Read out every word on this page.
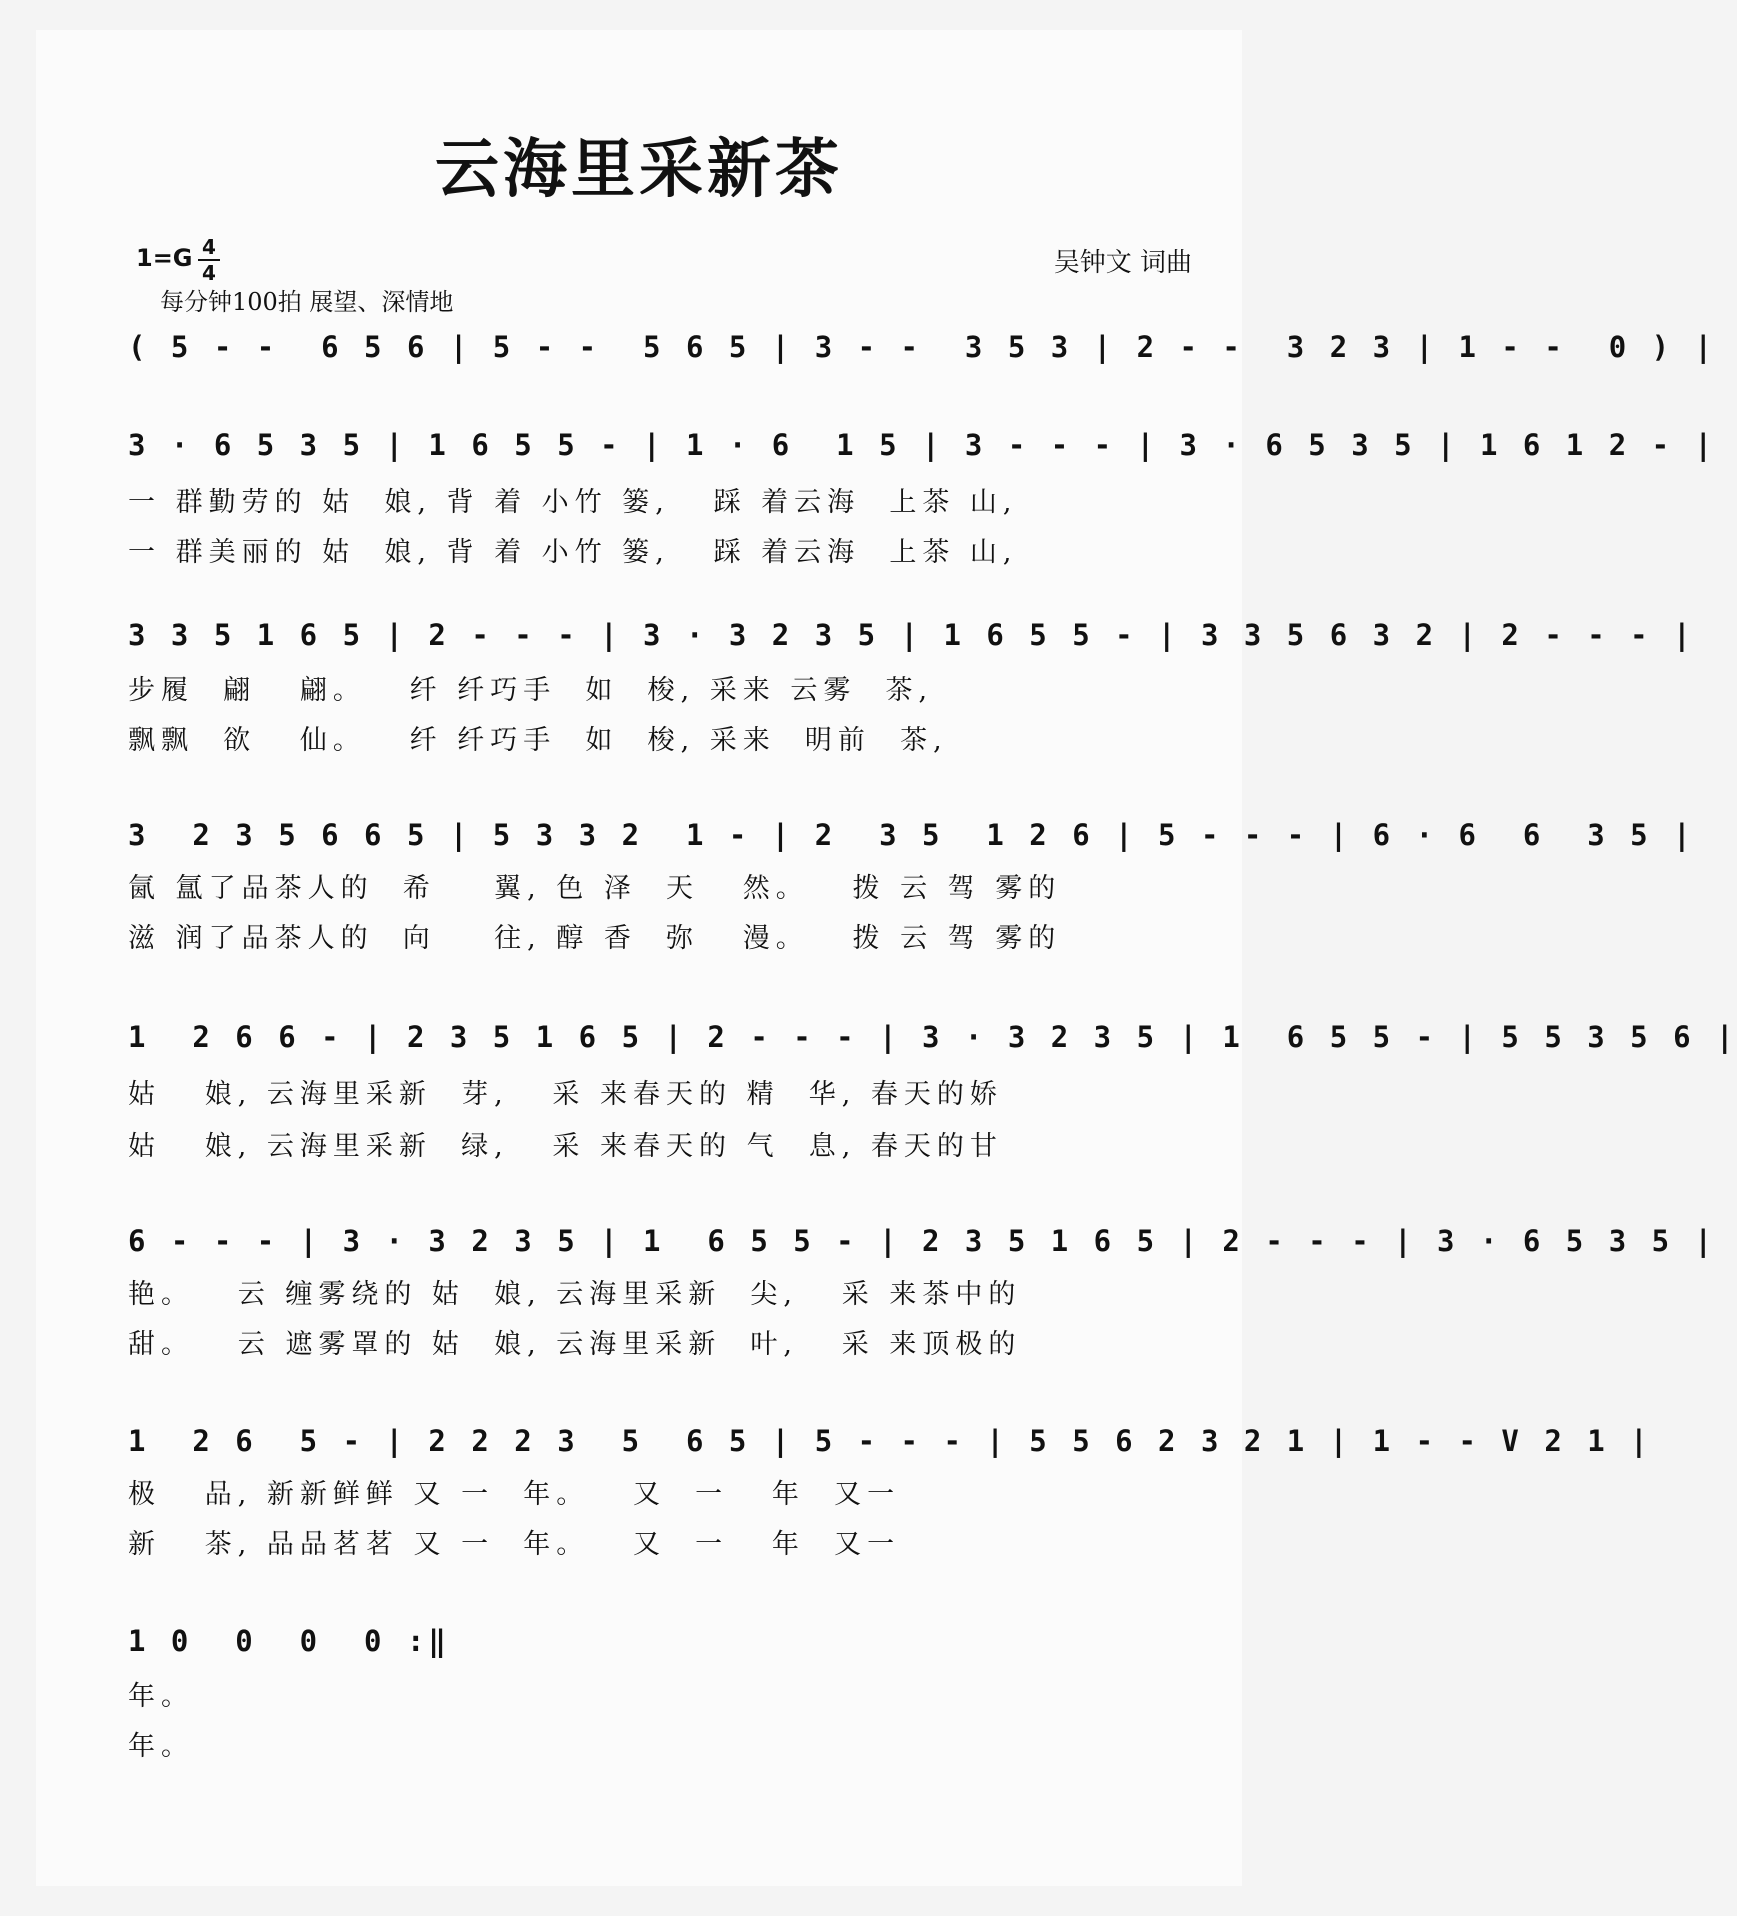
云海里采新茶
1=G 4
4	吴钟文 词曲
每分钟100拍 展望、深情地
( 5 - -  6 5 6 | 5 - -  5 6 5 | 3 - -  3 5 3 | 2 - -  3 2 3 | 1 - -  0 ) |
3 · 6 5 3 5 | 1 6 5 5 - | 1 · 6  1 5 | 3 - - - | 3 · 6 5 3 5 | 1 6 1 2 - |
一 群勤劳的 姑  娘, 背 着 小竹 篓,   踩 着云海  上茶 山,
一 群美丽的 姑  娘, 背 着 小竹 篓,   踩 着云海  上茶 山,
3 3 5 1 6 5 | 2 - - - | 3 · 3 2 3 5 | 1 6 5 5 - | 3 3 5 6 3 2 | 2 - - - |
步履  翩   翩。   纤 纤巧手  如  梭, 采来 云雾  茶,
飘飘  欲   仙。   纤 纤巧手  如  梭, 采来  明前  茶,
3  2 3 5 6 6 5 | 5 3 3 2  1 - | 2  3 5  1 2 6 | 5 - - - | 6 · 6  6  3 5 |
氤 氲了品茶人的  希    翼, 色 泽  天   然。   拨 云 驾 雾的
滋 润了品茶人的  向    往, 醇 香  弥   漫。   拨 云 驾 雾的
1  2 6 6 - | 2 3 5 1 6 5 | 2 - - - | 3 · 3 2 3 5 | 1  6 5 5 - | 5 5 3 5 6 |
姑   娘, 云海里采新  芽,   采 来春天的 精  华, 春天的娇
姑   娘, 云海里采新  绿,   采 来春天的 气  息, 春天的甘
6 - - - | 3 · 3 2 3 5 | 1  6 5 5 - | 2 3 5 1 6 5 | 2 - - - | 3 · 6 5 3 5 |
艳。   云 缠雾绕的 姑  娘, 云海里采新  尖,   采 来茶中的
甜。   云 遮雾罩的 姑  娘, 云海里采新  叶,   采 来顶极的
1  2 6  5 - | 2 2 2 3  5  6 5 | 5 - - - | 5 5 6 2 3 2 1 | 1 - - V 2 1 |
极   品, 新新鲜鲜 又 一  年。   又  一   年  又一
新   茶, 品品茗茗 又 一  年。   又  一   年  又一
1 0  0  0  0 :‖
年。
年。
